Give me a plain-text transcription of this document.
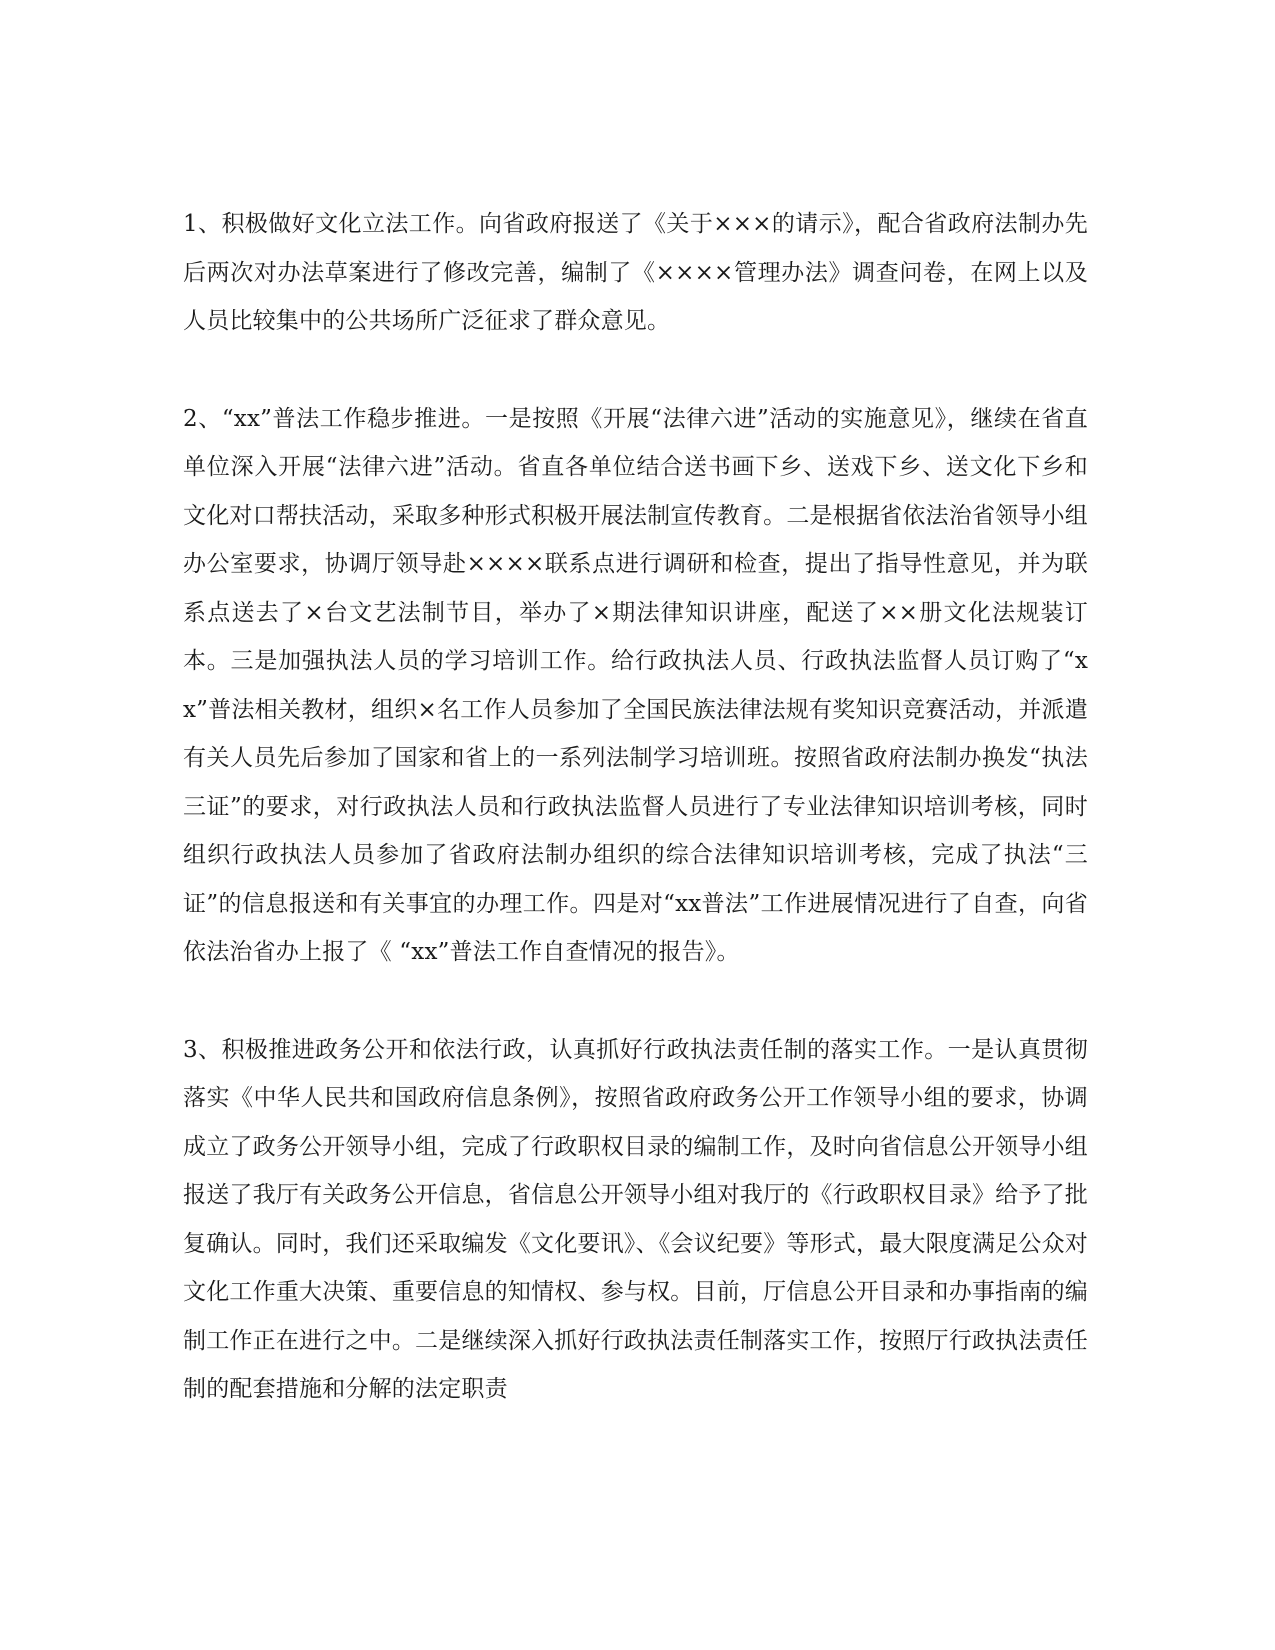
1、积极做好文化立法工作。向省政府报送了《关于×××的请示》，配合省政府法制办先后两次对办法草案进行了修改完善，编制了《××××管理办法》调查问卷，在网上以及人员比较集中的公共场所广泛征求了群众意见。

2、“xx”普法工作稳步推进。一是按照《开展“法律六进”活动的实施意见》，继续在省直单位深入开展“法律六进”活动。省直各单位结合送书画下乡、送戏下乡、送文化下乡和文化对口帮扶活动，采取多种形式积极开展法制宣传教育。二是根据省依法治省领导小组办公室要求，协调厅领导赴××××联系点进行调研和检查，提出了指导性意见，并为联系点送去了×台文艺法制节目，举办了×期法律知识讲座，配送了××册文化法规装订本。三是加强执法人员的学习培训工作。给行政执法人员、行政执法监督人员订购了“xx”普法相关教材，组织×名工作人员参加了全国民族法律法规有奖知识竞赛活动，并派遣有关人员先后参加了国家和省上的一系列法制学习培训班。按照省政府法制办换发“执法三证”的要求，对行政执法人员和行政执法监督人员进行了专业法律知识培训考核，同时组织行政执法人员参加了省政府法制办组织的综合法律知识培训考核，完成了执法“三证”的信息报送和有关事宜的办理工作。四是对“xx普法”工作进展情况进行了自查，向省依法治省办上报了《 “xx”普法工作自查情况的报告》。

3、积极推进政务公开和依法行政，认真抓好行政执法责任制的落实工作。一是认真贯彻落实《中华人民共和国政府信息条例》，按照省政府政务公开工作领导小组的要求，协调成立了政务公开领导小组，完成了行政职权目录的编制工作，及时向省信息公开领导小组报送了我厅有关政务公开信息，省信息公开领导小组对我厅的《行政职权目录》给予了批复确认。同时，我们还采取编发《文化要讯》、《会议纪要》等形式，最大限度满足公众对文化工作重大决策、重要信息的知情权、参与权。目前，厅信息公开目录和办事指南的编制工作正在进行之中。二是继续深入抓好行政执法责任制落实工作，按照厅行政执法责任制的配套措施和分解的法定职责
